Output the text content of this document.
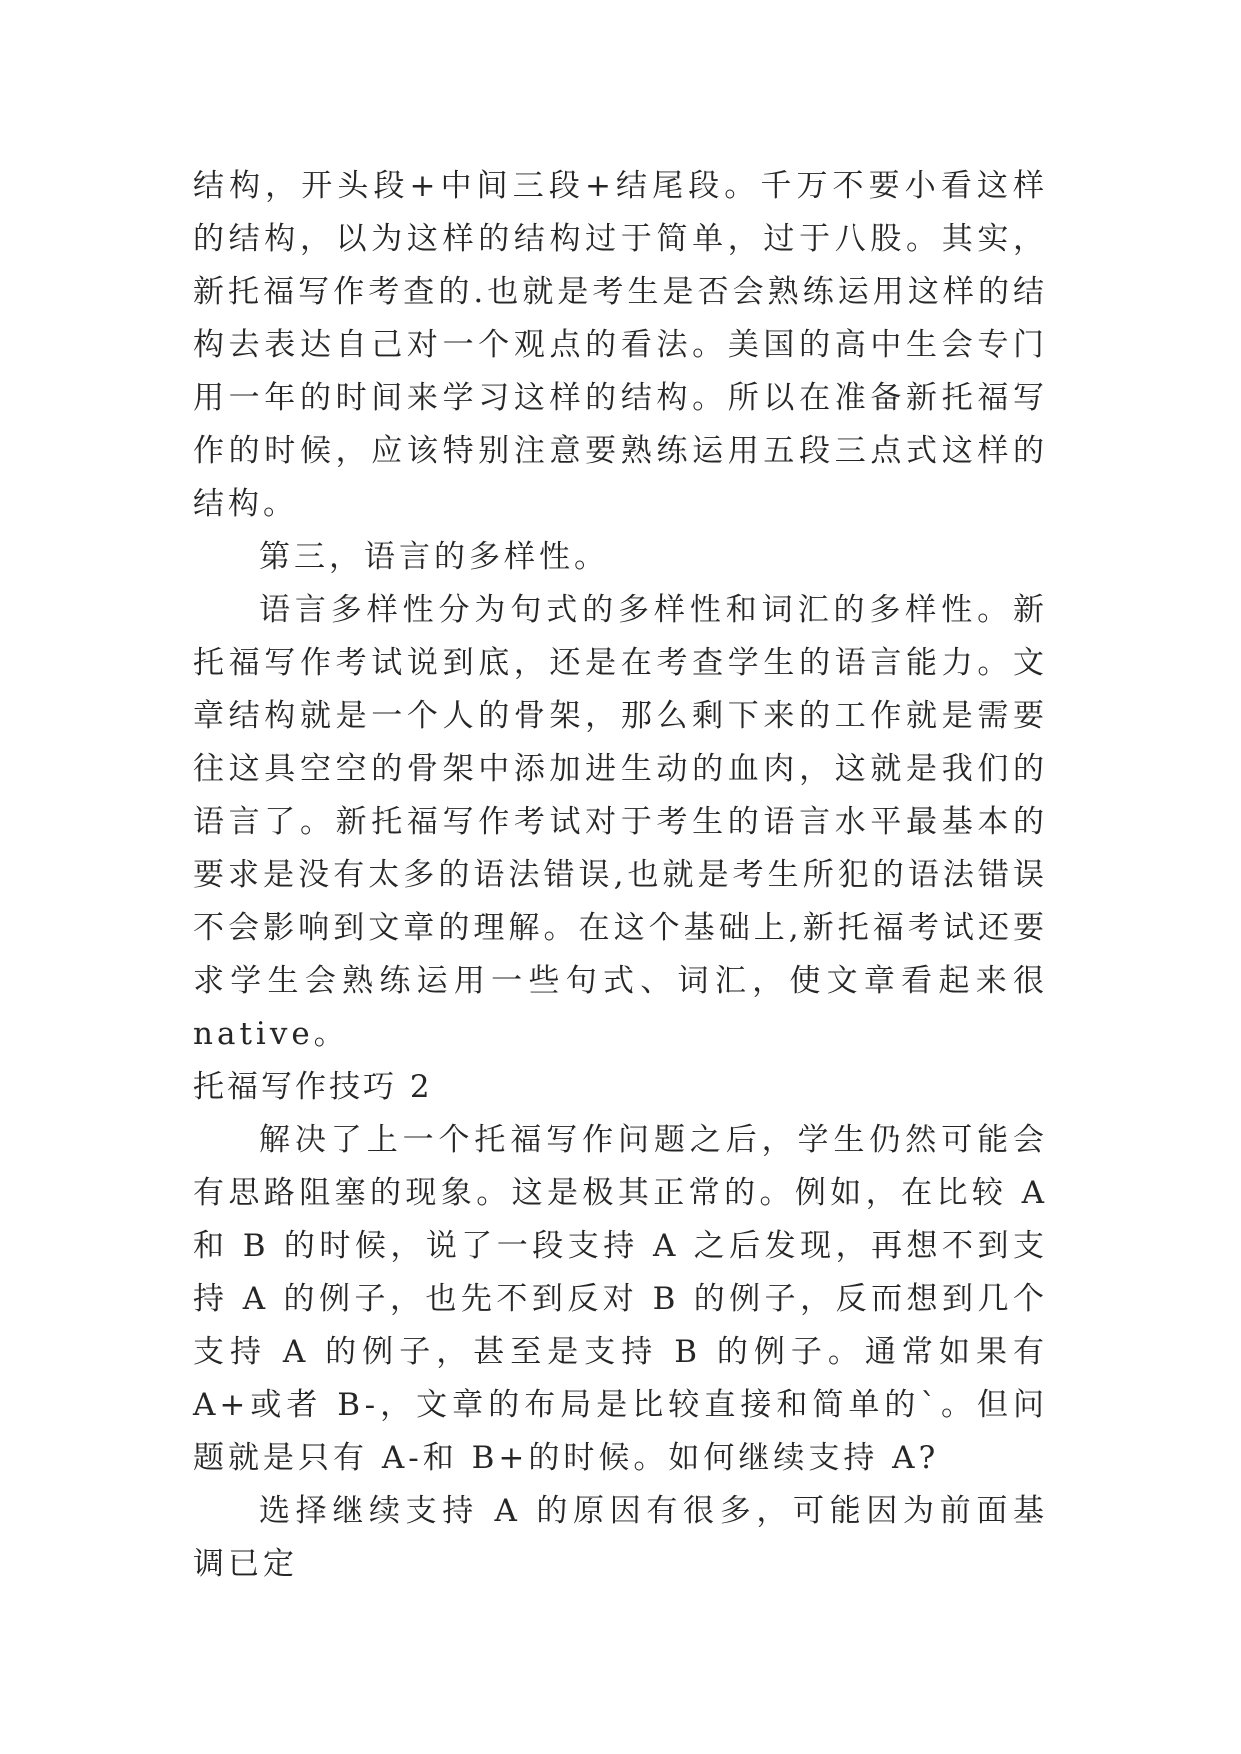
结构，开头段+中间三段+结尾段。千万不要小看这样的结构，以为这样的结构过于简单，过于八股。其实，新托福写作考查的.也就是考生是否会熟练运用这样的结构去表达自己对一个观点的看法。美国的高中生会专门用一年的时间来学习这样的结构。所以在准备新托福写作的时候，应该特别注意要熟练运用五段三点式这样的结构。

第三，语言的多样性。

语言多样性分为句式的多样性和词汇的多样性。新托福写作考试说到底，还是在考查学生的语言能力。文章结构就是一个人的骨架，那么剩下来的工作就是需要往这具空空的骨架中添加进生动的血肉，这就是我们的语言了。新托福写作考试对于考生的语言水平最基本的要求是没有太多的语法错误,也就是考生所犯的语法错误不会影响到文章的理解。在这个基础上,新托福考试还要求学生会熟练运用一些句式、词汇，使文章看起来很 native。

托福写作技巧 2

解决了上一个托福写作问题之后，学生仍然可能会有思路阻塞的现象。这是极其正常的。例如，在比较 A 和 B 的时候，说了一段支持 A 之后发现，再想不到支持 A 的例子，也先不到反对 B 的例子，反而想到几个支持 A 的例子，甚至是支持 B 的例子。通常如果有 A+或者 B-，文章的布局是比较直接和简单的`。但问题就是只有 A-和 B+的时候。如何继续支持 A?

选择继续支持 A 的原因有很多，可能因为前面基调已定
